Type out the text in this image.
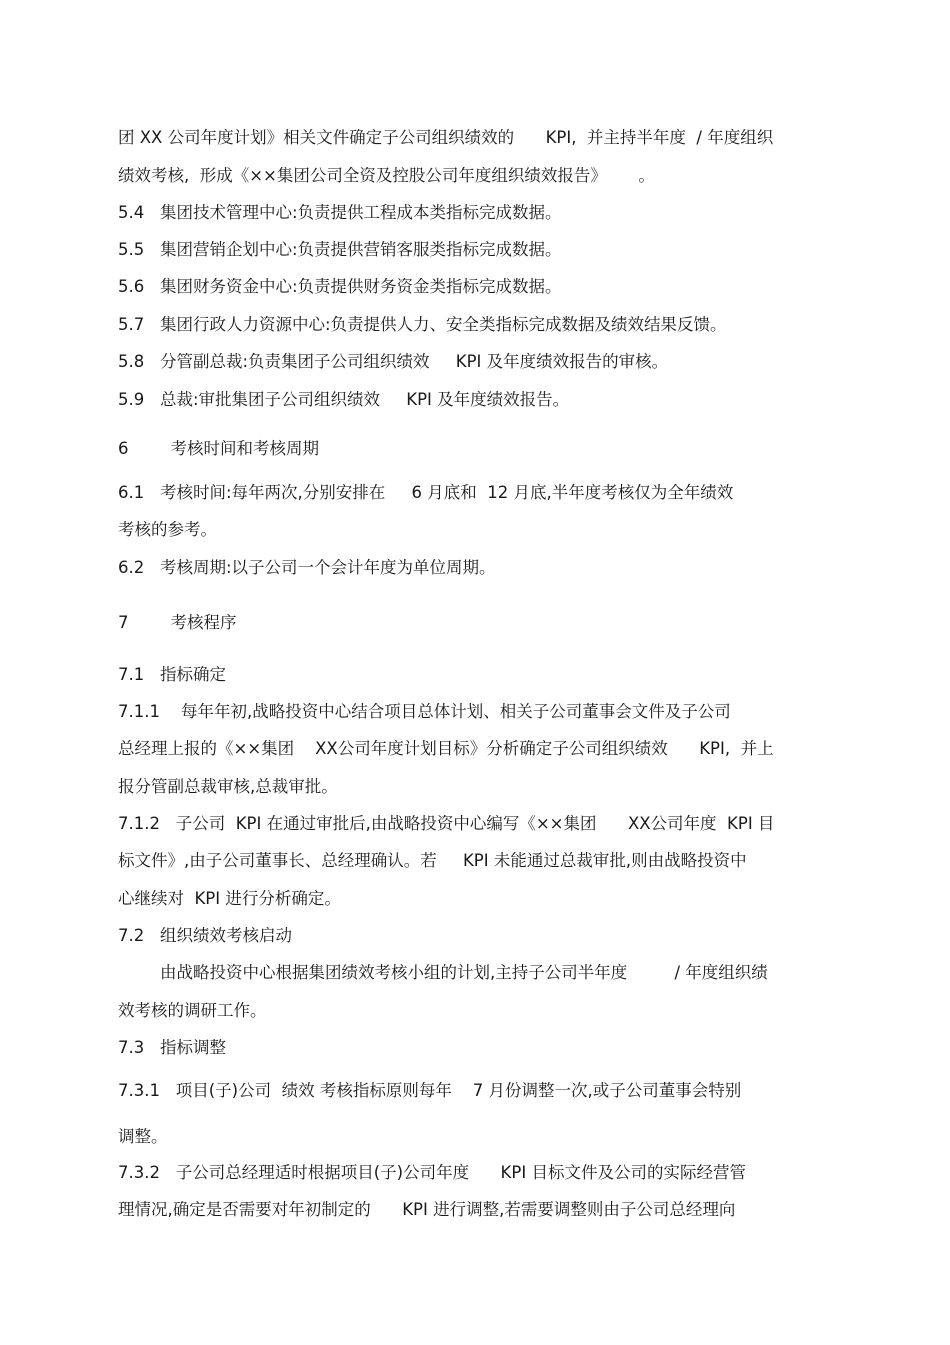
团 XX 公司年度计划》相关文件确定子公司组织绩效的      KPI,  并主持半年度  / 年度组织
绩效考核,  形成《××集团公司全资及控股公司年度组织绩效报告》      。
5.4   集团技术管理中心:负责提供工程成本类指标完成数据。
5.5   集团营销企划中心:负责提供营销客服类指标完成数据。
5.6   集团财务资金中心:负责提供财务资金类指标完成数据。
5.7   集团行政人力资源中心:负责提供人力、安全类指标完成数据及绩效结果反馈。
5.8   分管副总裁:负责集团子公司组织绩效     KPI 及年度绩效报告的审核。
5.9   总裁:审批集团子公司组织绩效     KPI 及年度绩效报告。
6        考核时间和考核周期
6.1   考核时间:每年两次,分别安排在     6 月底和  12 月底,半年度考核仅为全年绩效
考核的参考。
6.2   考核周期:以子公司一个会计年度为单位周期。
7        考核程序
7.1   指标确定
7.1.1    每年年初,战略投资中心结合项目总体计划、相关子公司董事会文件及子公司
总经理上报的《××集团    XX公司年度计划目标》分析确定子公司组织绩效      KPI,  并上
报分管副总裁审核,总裁审批。
7.1.2   子公司  KPI 在通过审批后,由战略投资中心编写《××集团      XX公司年度  KPI 目
标文件》,由子公司董事长、总经理确认。若     KPI 未能通过总裁审批,则由战略投资中
心继续对  KPI 进行分析确定。
7.2   组织绩效考核启动
由战略投资中心根据集团绩效考核小组的计划,主持子公司半年度         / 年度组织绩
效考核的调研工作。
7.3   指标调整
7.3.1   项目(子)公司  绩效 考核指标原则每年    7 月份调整一次,或子公司董事会特别
调整。
7.3.2   子公司总经理适时根据项目(子)公司年度      KPI 目标文件及公司的实际经营管
理情况,确定是否需要对年初制定的      KPI 进行调整,若需要调整则由子公司总经理向
